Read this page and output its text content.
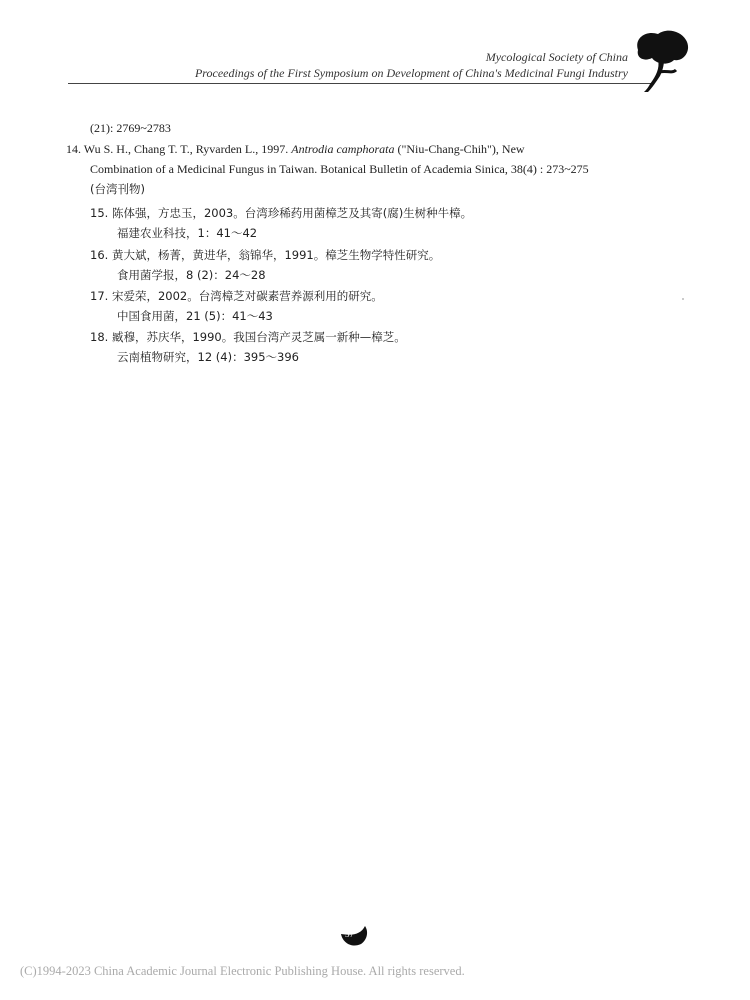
Mycological Society of China
Proceedings of the First Symposium on Development of China's Medicinal Fungi Industry
(21): 2769~2783
14. Wu S. H., Chang T. T., Ryvarden L., 1997. Antrodia camphorata ("Niu-Chang-Chih"), New
Combination of a Medicinal Fungus in Taiwan. Botanical Bulletin of Academia Sinica, 38(4) : 273~275
(台湾刊物)
15. 陈体强，方忠玉，2003。台湾珍稀药用菌樟芝及其寄(腐)生树种牛樟。
福建农业科技，1：41～42
16. 黄大斌，杨菁，黄进华，翁锦华，1991。樟芝生物学特性研究。
食用菌学报，8 (2)：24～28
17. 宋爱荣，2002。台湾樟芝对碳素营养源利用的研究。
中国食用菌，21 (5)：41～43
18. 臧穆，苏庆华，1990。我国台湾产灵芝属一新种—樟芝。
云南植物研究，12 (4)：395～396
37
(C)1994-2023 China Academic Journal Electronic Publishing House. All rights reserved.
